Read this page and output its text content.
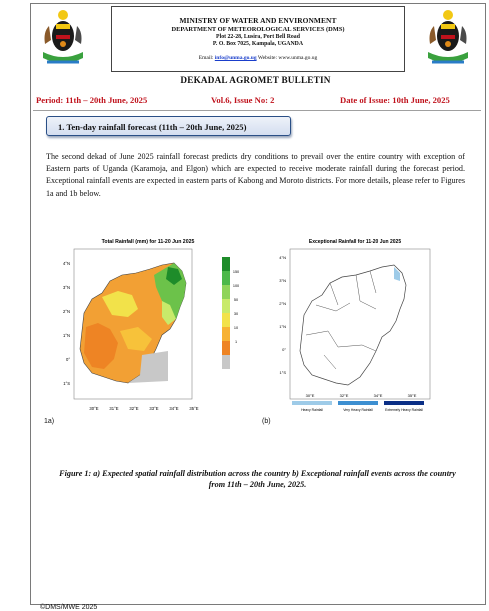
MINISTRY OF WATER AND ENVIRONMENT
DEPARTMENT OF METEOROLOGICAL SERVICES (DMS)
Plot 22-28, Lusira, Port Bell Road
P. O. Box 7025, Kampala, UGANDA
Email: info@unma.go.ug Website: www.unma.go.ug
DEKADAL AGROMET BULLETIN
Period: 11th – 20th June, 2025	Vol.6, Issue No: 2	Date of Issue: 10th June, 2025
1. Ten-day rainfall forecast (11th – 20th June, 2025)
The second dekad of June 2025 rainfall forecast predicts dry conditions to prevail over the entire country with exception of Eastern parts of Uganda (Karamoja, and Elgon) which are expected to receive moderate rainfall during the forecast period. Exceptional rainfall events are expected in eastern parts of Kabong and Moroto districts. For more details, please refer to Figures 1a and 1b below.
Total Rainfall (mm) for 11-20 Jun 2025
150
100
50
30
10
1
4°N
3°N
2°N
1°N
0°
1°S
30°E	31°E	32°E	33°E	34°E	35°E
1a)
Exceptional Rainfall for 11-20 Jun 2025
4°N
3°N
2°N
1°N
0°
1°S
30°E	32°E	34°E	35°E
Heavy Rainfall	Very Heavy Rainfall	Extremely Heavy Rainfall
(b)
Figure 1: a) Expected spatial rainfall distribution across the country b) Exceptional rainfall events across the country from 11th – 20th June, 2025.
©DMS/MWE 2025
